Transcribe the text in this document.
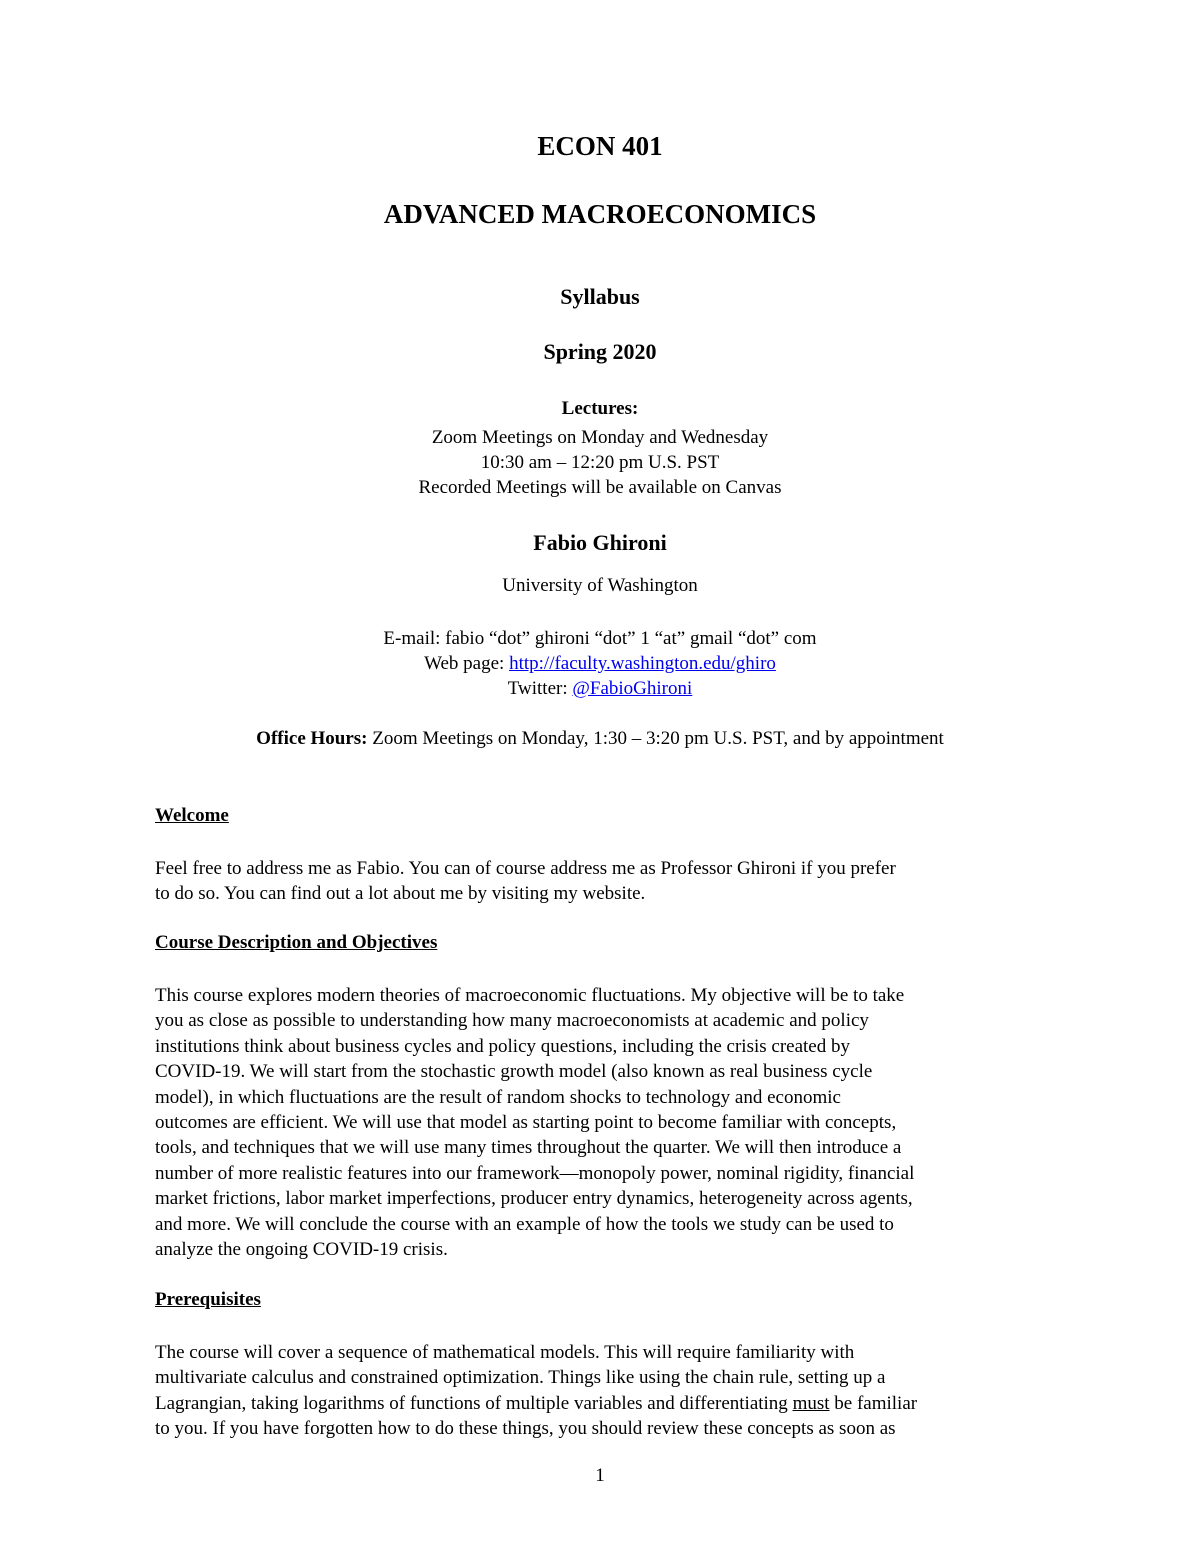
ECON 401
ADVANCED MACROECONOMICS
Syllabus
Spring 2020
Lectures:
Zoom Meetings on Monday and Wednesday
10:30 am – 12:20 pm U.S. PST
Recorded Meetings will be available on Canvas
Fabio Ghironi
University of Washington
E-mail: fabio “dot” ghironi “dot” 1 “at” gmail “dot” com
Web page: http://faculty.washington.edu/ghiro
Twitter: @FabioGhironi
Office Hours: Zoom Meetings on Monday, 1:30 – 3:20 pm U.S. PST, and by appointment
Welcome
Feel free to address me as Fabio. You can of course address me as Professor Ghironi if you prefer
to do so. You can find out a lot about me by visiting my website.
Course Description and Objectives
This course explores modern theories of macroeconomic fluctuations. My objective will be to take
you as close as possible to understanding how many macroeconomists at academic and policy
institutions think about business cycles and policy questions, including the crisis created by
COVID-19. We will start from the stochastic growth model (also known as real business cycle
model), in which fluctuations are the result of random shocks to technology and economic
outcomes are efficient. We will use that model as starting point to become familiar with concepts,
tools, and techniques that we will use many times throughout the quarter. We will then introduce a
number of more realistic features into our framework—monopoly power, nominal rigidity, financial
market frictions, labor market imperfections, producer entry dynamics, heterogeneity across agents,
and more. We will conclude the course with an example of how the tools we study can be used to
analyze the ongoing COVID-19 crisis.
Prerequisites
The course will cover a sequence of mathematical models. This will require familiarity with
multivariate calculus and constrained optimization. Things like using the chain rule, setting up a
Lagrangian, taking logarithms of functions of multiple variables and differentiating must be familiar
to you. If you have forgotten how to do these things, you should review these concepts as soon as
1
